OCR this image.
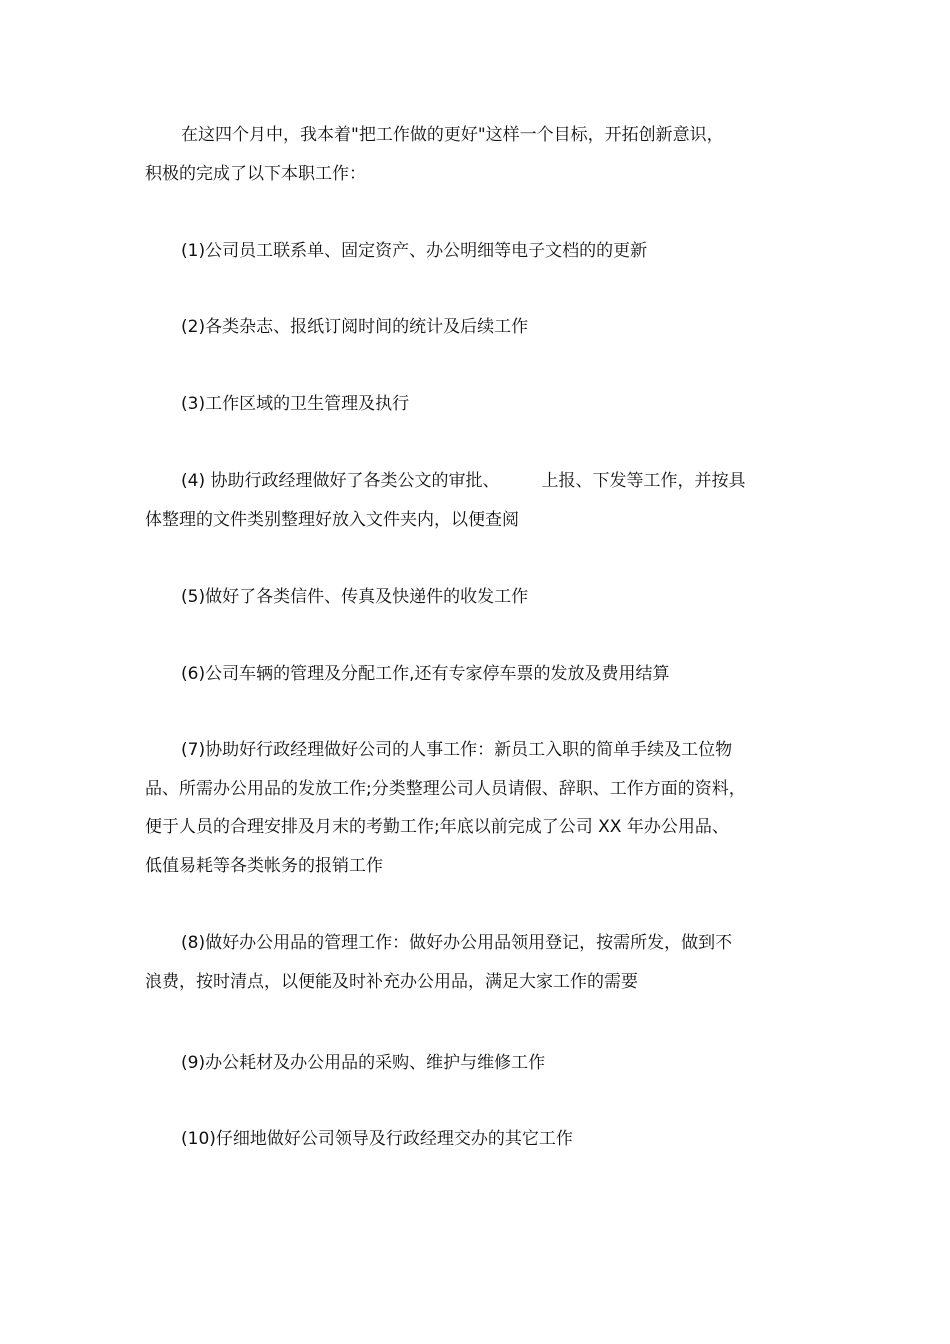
在这四个月中，我本着"把工作做的更好"这样一个目标，开拓创新意识，
积极的完成了以下本职工作：

(1)公司员工联系单、固定资产、办公明细等电子文档的的更新

(2)各类杂志、报纸订阅时间的统计及后续工作

(3)工作区域的卫生管理及执行

(4) 协助行政经理做好了各类公文的审批、 上报、下发等工作，并按具
体整理的文件类别整理好放入文件夹内，以便查阅

(5)做好了各类信件、传真及快递件的收发工作

(6)公司车辆的管理及分配工作,还有专家停车票的发放及费用结算

(7)协助好行政经理做好公司的人事工作：新员工入职的简单手续及工位物
品、所需办公用品的发放工作;分类整理公司人员请假、辞职、工作方面的资料，
便于人员的合理安排及月末的考勤工作;年底以前完成了公司 XX 年办公用品、
低值易耗等各类帐务的报销工作

(8)做好办公用品的管理工作：做好办公用品领用登记，按需所发，做到不
浪费，按时清点，以便能及时补充办公用品，满足大家工作的需要

(9)办公耗材及办公用品的采购、维护与维修工作

(10)仔细地做好公司领导及行政经理交办的其它工作
